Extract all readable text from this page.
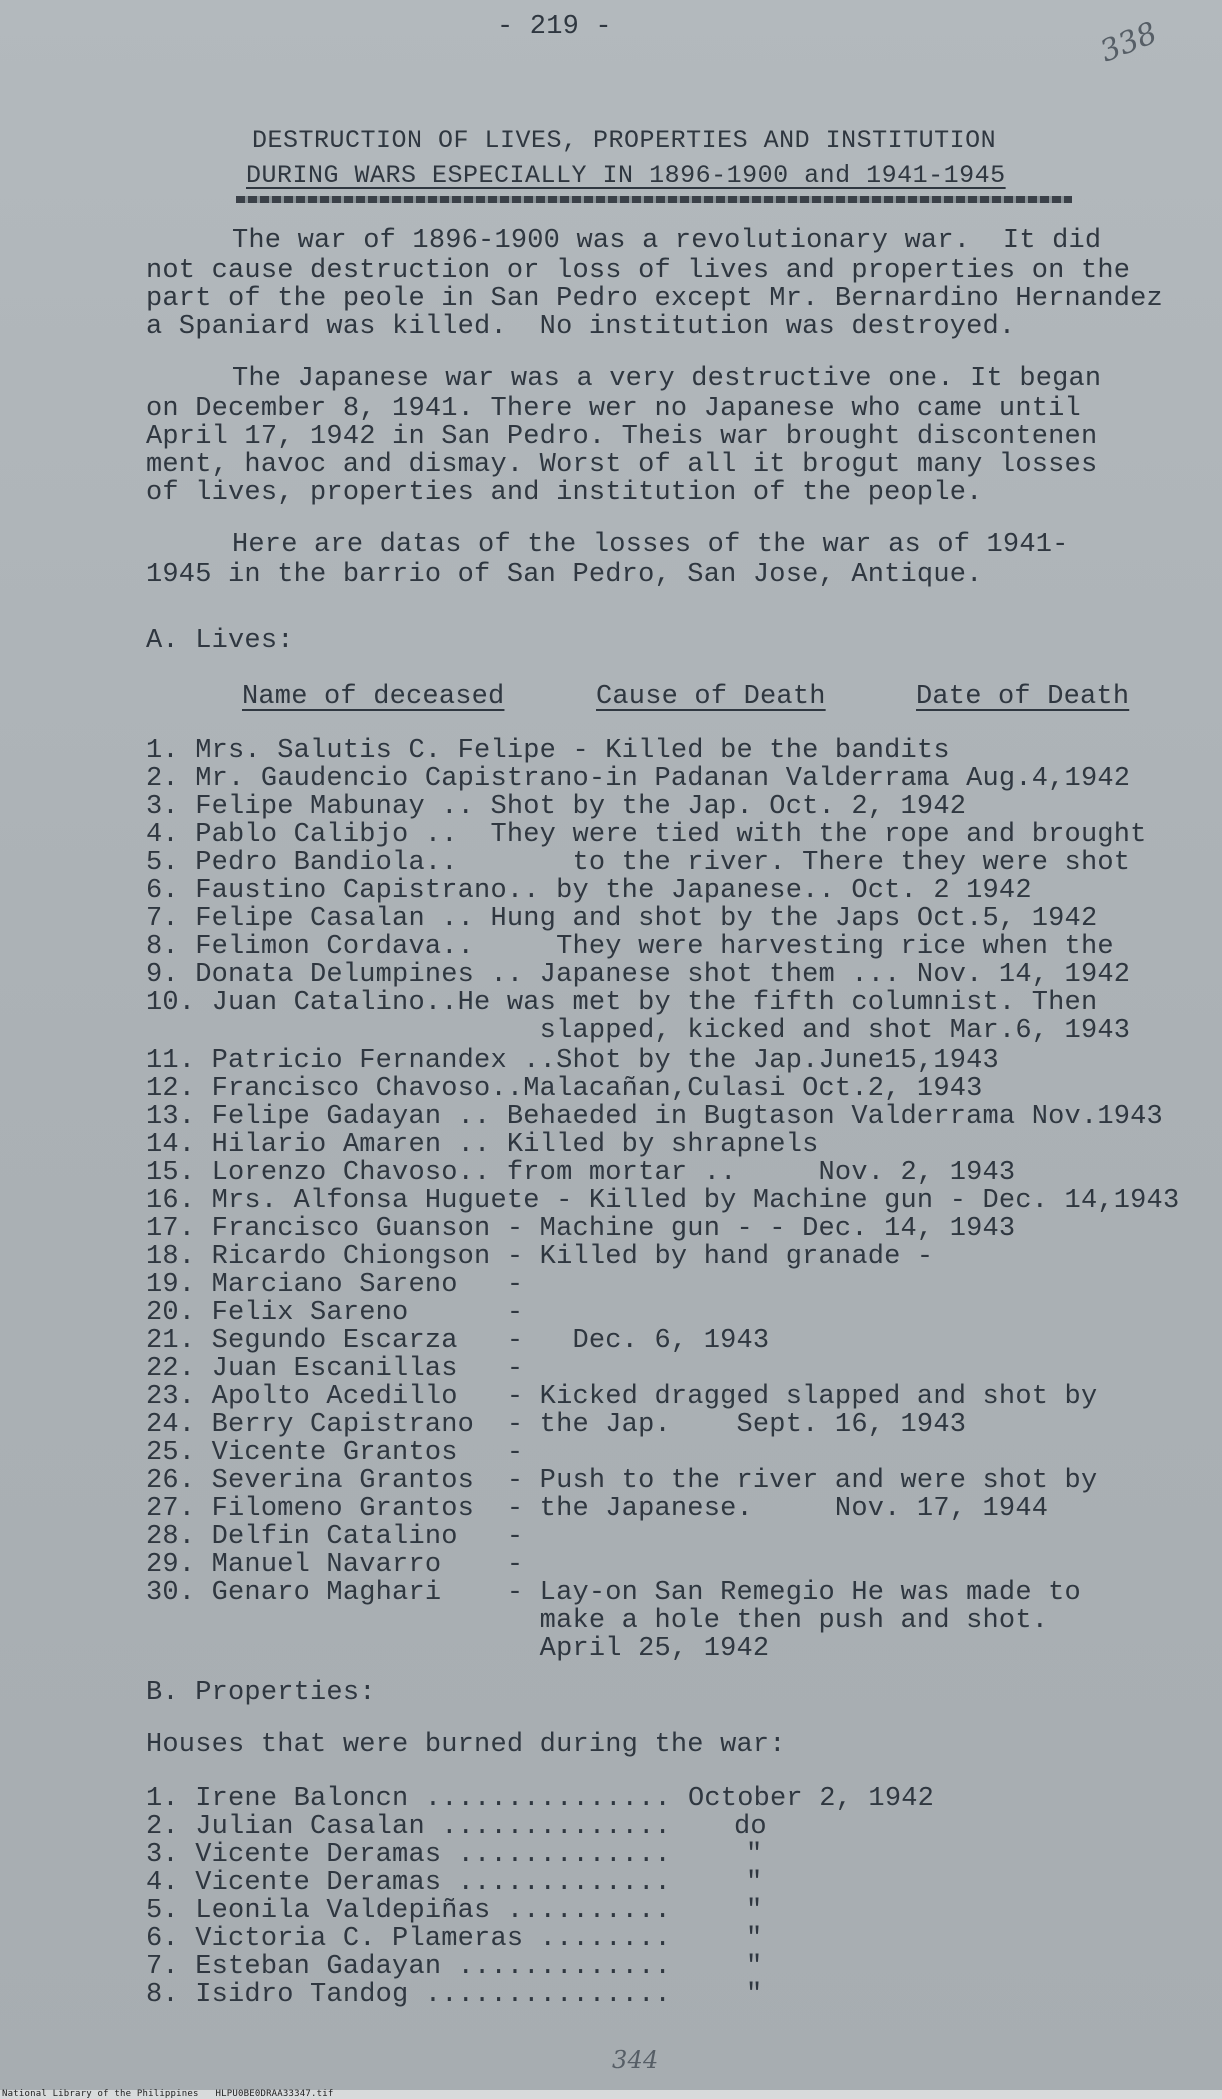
- 219 -	338
DESTRUCTION OF LIVES, PROPERTIES AND INSTITUTION
DURING WARS ESPECIALLY IN 1896-1900 and 1941-1945
The war of 1896-1900 was a revolutionary war.  It did
not cause destruction or loss of lives and properties on the
part of the peole in San Pedro except Mr. Bernardino Hernandez
a Spaniard was killed.  No institution was destroyed.
The Japanese war was a very destructive one. It began
on December 8, 1941. There wer no Japanese who came until
April 17, 1942 in San Pedro. Theis war brought discontenen
ment, havoc and dismay. Worst of all it brogut many losses
of lives, properties and institution of the people.
Here are datas of the losses of the war as of 1941-
1945 in the barrio of San Pedro, San Jose, Antique.
A. Lives:
Name of deceased	Cause of Death	Date of Death
1. Mrs. Salutis C. Felipe - Killed be the bandits
2. Mr. Gaudencio Capistrano-in Padanan Valderrama Aug.4,1942
3. Felipe Mabunay .. Shot by the Jap. Oct. 2, 1942
4. Pablo Calibjo ..  They were tied with the rope and brought
5. Pedro Bandiola..       to the river. There they were shot
6. Faustino Capistrano.. by the Japanese.. Oct. 2 1942
7. Felipe Casalan .. Hung and shot by the Japs Oct.5, 1942
8. Felimon Cordava..     They were harvesting rice when the
9. Donata Delumpines .. Japanese shot them ... Nov. 14, 1942
10. Juan Catalino..He was met by the fifth columnist. Then
slapped, kicked and shot Mar.6, 1943
11. Patricio Fernandex ..Shot by the Jap.June15,1943
12. Francisco Chavoso..Malacañan,Culasi Oct.2, 1943
13. Felipe Gadayan .. Behaeded in Bugtason Valderrama Nov.1943
14. Hilario Amaren .. Killed by shrapnels
15. Lorenzo Chavoso.. from mortar ..     Nov. 2, 1943
16. Mrs. Alfonsa Huguete - Killed by Machine gun - Dec. 14,1943
17. Francisco Guanson - Machine gun - - Dec. 14, 1943
18. Ricardo Chiongson - Killed by hand granade -
19. Marciano Sareno   -
20. Felix Sareno      -
21. Segundo Escarza   -   Dec. 6, 1943
22. Juan Escanillas   -
23. Apolto Acedillo   - Kicked dragged slapped and shot by
24. Berry Capistrano  - the Jap.    Sept. 16, 1943
25. Vicente Grantos   -
26. Severina Grantos  - Push to the river and were shot by
27. Filomeno Grantos  - the Japanese.     Nov. 17, 1944
28. Delfin Catalino   -
29. Manuel Navarro    -
30. Genaro Maghari    - Lay-on San Remegio He was made to
make a hole then push and shot.
April 25, 1942
B. Properties:
Houses that were burned during the war:
1. Irene Baloncn ............... October 2, 1942
2. Julian Casalan .............. do
3. Vicente Deramas .............	"
4. Vicente Deramas .............	"
5. Leonila Valdepiñas ..........	"
6. Victoria C. Plameras ........	"
7. Esteban Gadayan .............	"
8. Isidro Tandog ...............	"
344
National Library of the Philippines   HLPU0BE0DRAA33347.tif
